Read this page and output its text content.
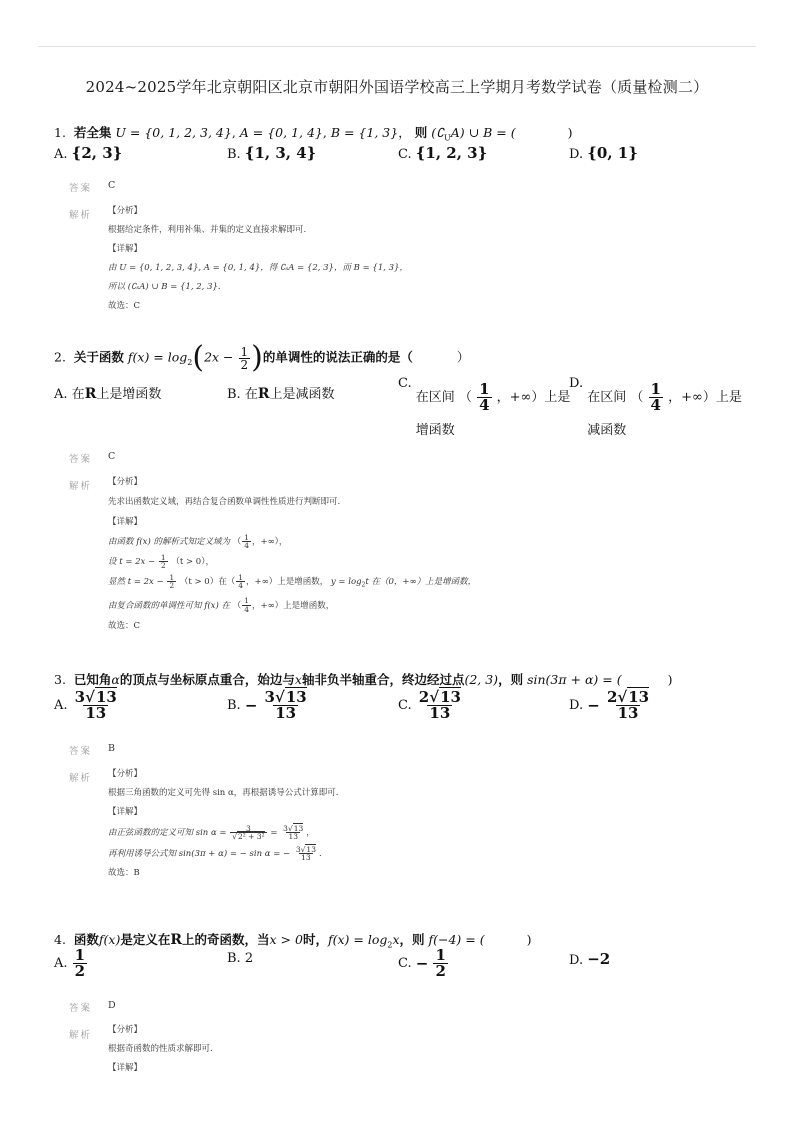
2024~2025学年北京朝阳区北京市朝阳外国语学校高三上学期月考数学试卷（质量检测二）
1. 若全集 U = {0, 1, 2, 3, 4}, A = {0, 1, 4}, B = {1, 3}， 则 $(∁_UA)$ ∪ B = (	)
A. {2, 3}	B. {1, 3, 4}	C. {1, 2, 3}	D. {0, 1}
答案 C
解析 【分析】
根据给定条件，利用补集、并集的定义直接求解即可.
【详解】
由 U = {0, 1, 2, 3, 4}, A = {0, 1, 4}，得 ∁ₛA = {2, 3}，而 B = {1, 3}，
所以 (∁ₛA) ∪ B = {1, 2, 3}.
故选：C
2. 关于函数 $f(x) = \log_2(2x - \frac{1}{2}$ )的单调性的说法正确的是（	）
A. 在R上是增函数	B. 在R上是减函数
C. 在区间 （ $\frac{1}{4}$ ，+∞）上是
增函数
D. 在区间 （ $\frac{1}{4}$ ，+∞）上是
减函数
答案 C
解析 【分析】
先求出函数定义域，再结合复合函数单调性性质进行判断即可.
【详解】
由函数 f(x) 的解析式知定义域为 （ $\frac{1}{4}$ ，+∞），
设 $t = 2x - \frac{1}{2} (t > 0)$，
显然 $t = 2x - \frac{1}{2} (t > 0)$在（ $\frac{1}{4}$ ，+∞）上是增函数， $y = \log_2t$ 在（0，+∞）上是增函数，
由复合函数的单调性可知 f(x) 在 （ $\frac{1}{4}$ ，+∞）上是增函数，
故选：C
3. 已知角α的顶点与坐标原点重合，始边与x轴非负半轴重合，终边经过点(2, 3)，则 sin(3π + α) = (	)
A. $\frac{3√13}{13}$	B. − $\frac{3√13}{13}$	C. $\frac{2√13}{13}$	D. − $\frac{2√13}{13}$
答案 B
解析 【分析】
根据三角函数的定义可先得 sin α，再根据诱导公式计算即可.
【详解】
由正弦函数的定义可知 $\sin \alpha = \frac{3}{\text{√2² + 3²}} = \frac{3√13}{13}$ ，
再利用诱导公式知 sin(3π + α) = − sin α = − $\frac{3√13}{13}$ .
故选：B
4. 函数f(x)是定义在R上的奇函数，当x > 0时，$f(x) = \log_2x$，则 f(−4) = (	)
A. $\frac{1}{2}$	B. 2	C. − $\frac{1}{2}$	D. −2
答案 D
解析 【分析】
根据奇函数的性质求解即可.
【详解】
